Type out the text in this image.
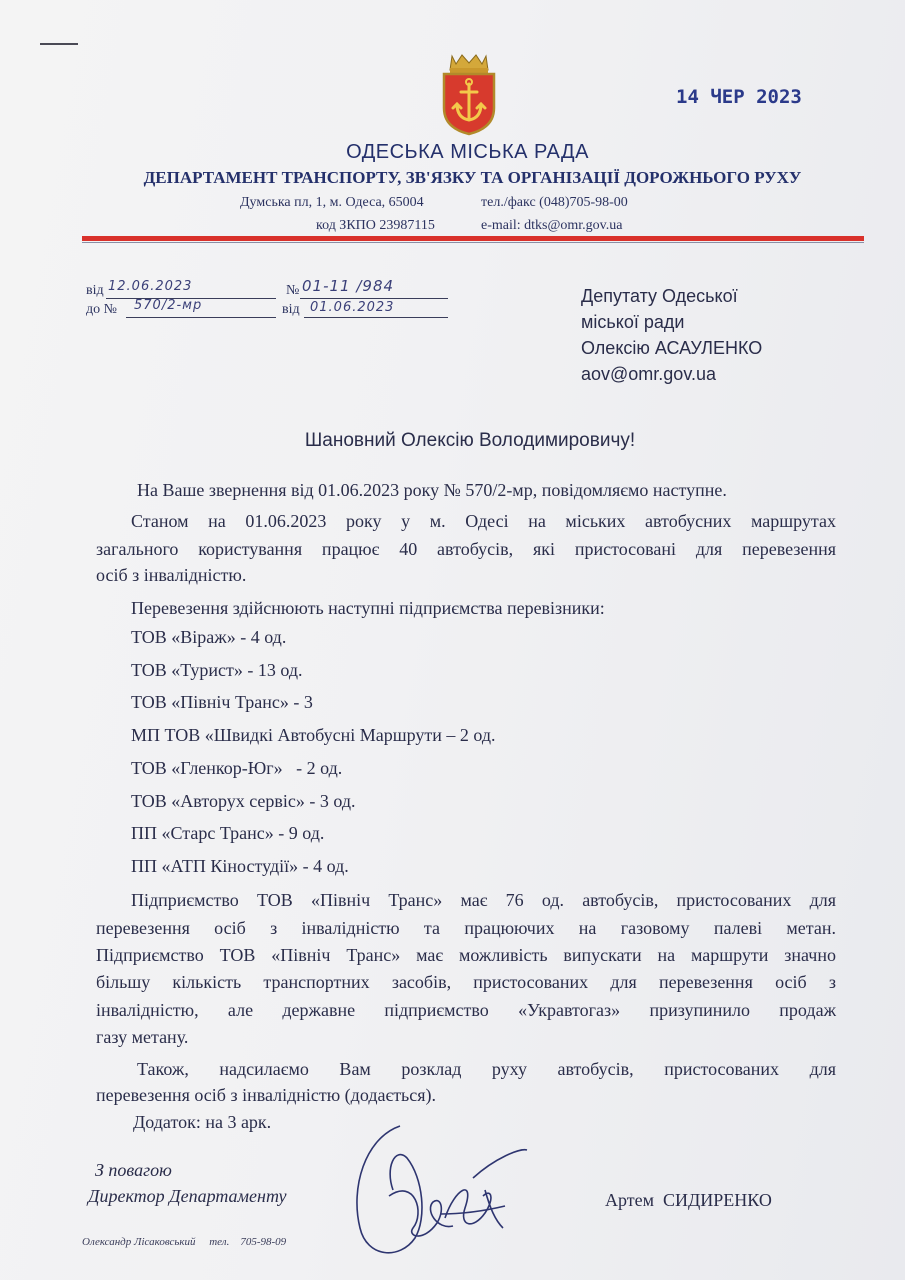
14 ЧЕР 2023
ОДЕСЬКА МІСЬКА РАДА
ДЕПАРТАМЕНТ ТРАНСПОРТУ, ЗВ'ЯЗКУ ТА ОРГАНІЗАЦІЇ ДОРОЖНЬОГО РУХУ
Думська пл, 1, м. Одеса, 65004	тел./факс (048)705-98-00
код ЗКПО 23987115	e-mail: dtks@omr.gov.ua
від 12.06.2023	№ 01-11 /984
до № 570/2-мр	від 01.06.2023
Депутату Одеської
міської ради
Олексію АСАУЛЕНКО
aov@omr.gov.ua
Шановний Олексію Володимировичу!
На Ваше звернення від 01.06.2023 року № 570/2-мр, повідомляємо наступне.
Станом на 01.06.2023 року у м. Одесі на міських автобусних маршрутах
загального користування працює 40 автобусів, які пристосовані для перевезення
осіб з інвалідністю.
Перевезення здійснюють наступні підприємства перевізники:
ТОВ «Віраж» - 4 од.
ТОВ «Турист» - 13 од.
ТОВ «Північ Транс» - 3
МП ТОВ «Швидкі Автобусні Маршрути – 2 од.
ТОВ «Гленкор-Юг»   - 2 од.
ТОВ «Авторух сервіс» - 3 од.
ПП «Старс Транс» - 9 од.
ПП «АТП Кіностудії» - 4 од.
Підприємство ТОВ «Північ Транс» має 76 од. автобусів, пристосованих для
перевезення осіб з інвалідністю та працюючих на газовому палеві метан.
Підприємство ТОВ «Північ Транс» має можливість випускати на маршрути значно
більшу кількість транспортних засобів, пристосованих для перевезення осіб з
інвалідністю, але державне підприємство «Укравтогаз» призупинило продаж
газу метану.
Також, надсилаємо Вам розклад руху автобусів, пристосованих для
перевезення осіб з інвалідністю (додається).
Додаток: на 3 арк.
З повагою
Директор Департаменту	Артем  СИДИРЕНКО
Олександр Лісаковський     тел.    705-98-09
